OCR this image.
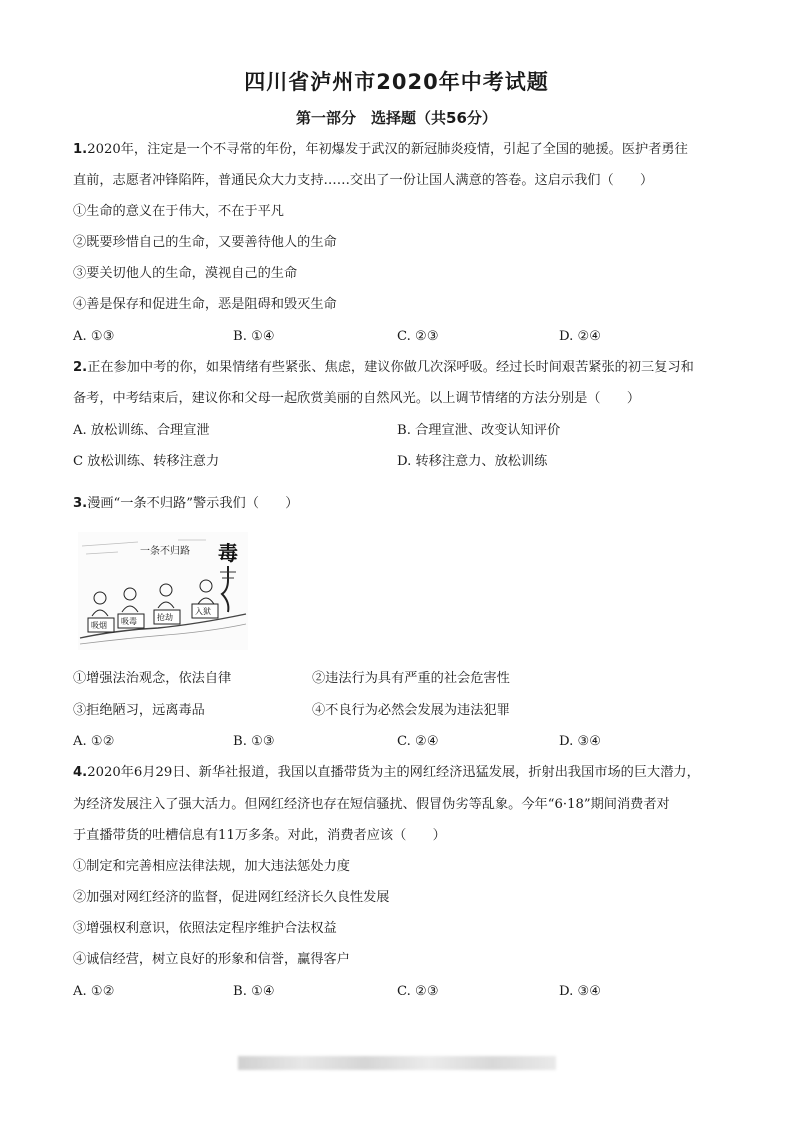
四川省泸州市2020年中考试题
第一部分　选择题（共56分）
1.2020年，注定是一个不寻常的年份，年初爆发于武汉的新冠肺炎疫情，引起了全国的驰援。医护者勇往
直前，志愿者冲锋陷阵，普通民众大力支持……交出了一份让国人满意的答卷。这启示我们（　　）
①生命的意义在于伟大，不在于平凡
②既要珍惜自己的生命，又要善待他人的生命
③要关切他人的生命，漠视自己的生命
④善是保存和促进生命，恶是阻碍和毁灭生命
A. ①③	B. ①④	C. ②③	D. ②④
2.正在参加中考的你，如果情绪有些紧张、焦虑，建议你做几次深呼吸。经过长时间艰苦紧张的初三复习和
备考，中考结束后，建议你和父母一起欣赏美丽的自然风光。以上调节情绪的方法分别是（　　）
A. 放松训练、合理宣泄	B. 合理宣泄、改变认知评价
C 放松训练、转移注意力	D. 转移注意力、放松训练
3.漫画“一条不归路”警示我们（　　）
一条不归路 毒
吸烟 吸毒	抢劫
入狱
①增强法治观念，依法自律	②违法行为具有严重的社会危害性
③拒绝陋习，远离毒品	④不良行为必然会发展为违法犯罪
A. ①②	B. ①③	C. ②④	D. ③④
4.2020年6月29日、新华社报道，我国以直播带货为主的网红经济迅猛发展，折射出我国市场的巨大潜力，
为经济发展注入了强大活力。但网红经济也存在短信骚扰、假冒伪劣等乱象。今年“6·18”期间消费者对
于直播带货的吐槽信息有11万多条。对此，消费者应该（　　）
①制定和完善相应法律法规，加大违法惩处力度
②加强对网红经济的监督，促进网红经济长久良性发展
③增强权利意识，依照法定程序维护合法权益
④诚信经营，树立良好的形象和信誉，赢得客户
A. ①②	B. ①④	C. ②③	D. ③④
